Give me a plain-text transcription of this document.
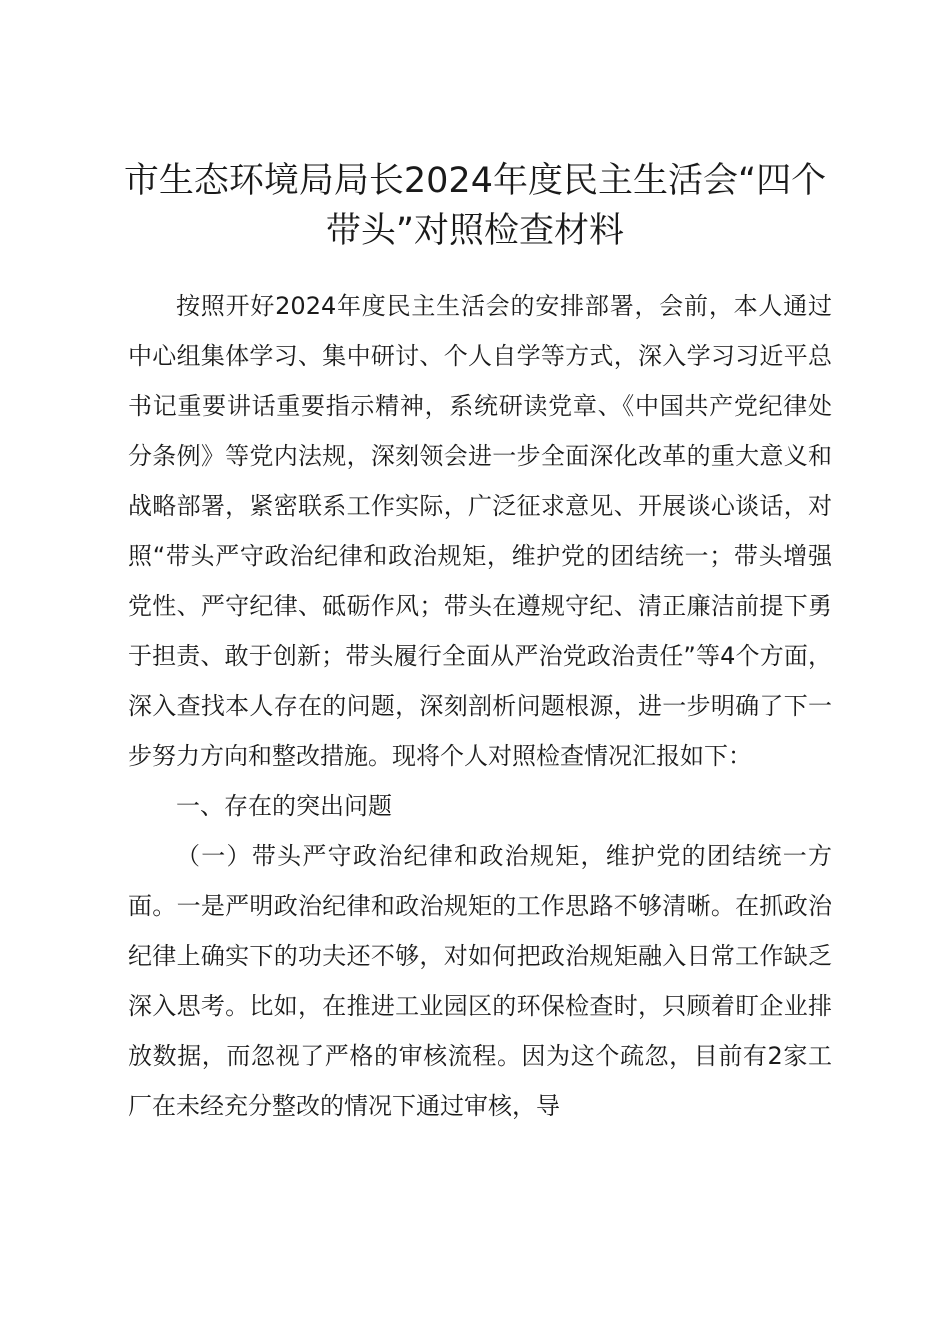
市生态环境局局长2024年度民主生活会“四个带头”对照检查材料

按照开好2024年度民主生活会的安排部署，会前，本人通过中心组集体学习、集中研讨、个人自学等方式，深入学习习近平总书记重要讲话重要指示精神，系统研读党章、《中国共产党纪律处分条例》等党内法规，深刻领会进一步全面深化改革的重大意义和战略部署，紧密联系工作实际，广泛征求意见、开展谈心谈话，对照“带头严守政治纪律和政治规矩，维护党的团结统一；带头增强党性、严守纪律、砥砺作风；带头在遵规守纪、清正廉洁前提下勇于担责、敢于创新；带头履行全面从严治党政治责任”等4个方面，深入查找本人存在的问题，深刻剖析问题根源，进一步明确了下一步努力方向和整改措施。现将个人对照检查情况汇报如下：

一、存在的突出问题

（一）带头严守政治纪律和政治规矩，维护党的团结统一方面。一是严明政治纪律和政治规矩的工作思路不够清晰。在抓政治纪律上确实下的功夫还不够，对如何把政治规矩融入日常工作缺乏深入思考。比如，在推进工业园区的环保检查时，只顾着盯企业排放数据，而忽视了严格的审核流程。因为这个疏忽，目前有2家工厂在未经充分整改的情况下通过审核，导
